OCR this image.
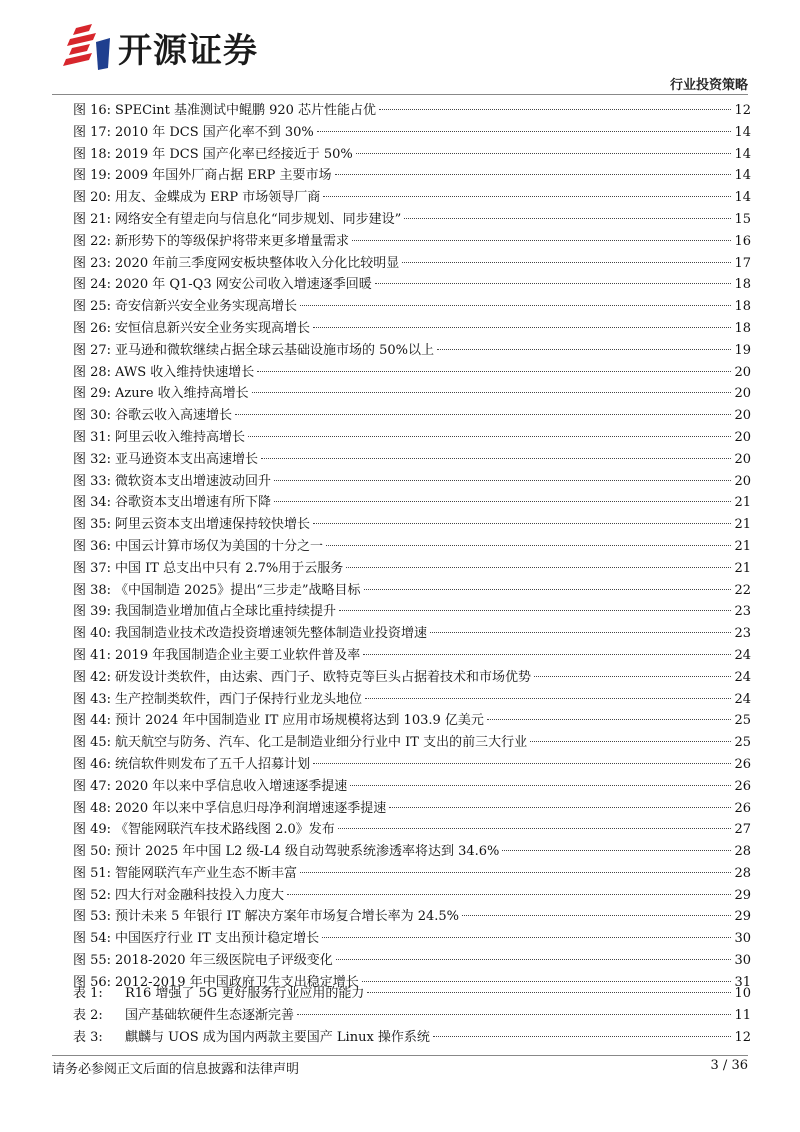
开源证券
行业投资策略
图 16: SPECint 基准测试中鲲鹏 920 芯片性能占优	12
图 17: 2010 年 DCS 国产化率不到 30%	14
图 18: 2019 年 DCS 国产化率已经接近于 50%	14
图 19: 2009 年国外厂商占据 ERP 主要市场	14
图 20: 用友、金蝶成为 ERP 市场领导厂商	14
图 21: 网络安全有望走向与信息化“同步规划、同步建设”	15
图 22: 新形势下的等级保护将带来更多增量需求	16
图 23: 2020 年前三季度网安板块整体收入分化比较明显	17
图 24: 2020 年 Q1-Q3 网安公司收入增速逐季回暖	18
图 25: 奇安信新兴安全业务实现高增长	18
图 26: 安恒信息新兴安全业务实现高增长	18
图 27: 亚马逊和微软继续占据全球云基础设施市场的 50%以上	19
图 28: AWS 收入维持快速增长	20
图 29: Azure 收入维持高增长	20
图 30: 谷歌云收入高速增长	20
图 31: 阿里云收入维持高增长	20
图 32: 亚马逊资本支出高速增长	20
图 33: 微软资本支出增速波动回升	20
图 34: 谷歌资本支出增速有所下降	21
图 35: 阿里云资本支出增速保持较快增长	21
图 36: 中国云计算市场仅为美国的十分之一	21
图 37: 中国 IT 总支出中只有 2.7%用于云服务	21
图 38: 《中国制造 2025》提出“三步走”战略目标	22
图 39: 我国制造业增加值占全球比重持续提升	23
图 40: 我国制造业技术改造投资增速领先整体制造业投资增速	23
图 41: 2019 年我国制造企业主要工业软件普及率	24
图 42: 研发设计类软件，由达索、西门子、欧特克等巨头占据着技术和市场优势	24
图 43: 生产控制类软件，西门子保持行业龙头地位	24
图 44: 预计 2024 年中国制造业 IT 应用市场规模将达到 103.9 亿美元	25
图 45: 航天航空与防务、汽车、化工是制造业细分行业中 IT 支出的前三大行业	25
图 46: 统信软件则发布了五千人招募计划	26
图 47: 2020 年以来中孚信息收入增速逐季提速	26
图 48: 2020 年以来中孚信息归母净利润增速逐季提速	26
图 49: 《智能网联汽车技术路线图 2.0》发布	27
图 50: 预计 2025 年中国 L2 级-L4 级自动驾驶系统渗透率将达到 34.6%	28
图 51: 智能网联汽车产业生态不断丰富	28
图 52: 四大行对金融科技投入力度大	29
图 53: 预计未来 5 年银行 IT 解决方案年市场复合增长率为 24.5%	29
图 54: 中国医疗行业 IT 支出预计稳定增长	30
图 55: 2018-2020 年三级医院电子评级变化	30
图 56: 2012-2019 年中国政府卫生支出稳定增长	31
表 1:	R16 增强了 5G 更好服务行业应用的能力	10
表 2:	国产基础软硬件生态逐渐完善	11
表 3:	麒麟与 UOS 成为国内两款主要国产 Linux 操作系统	12
请务必参阅正文后面的信息披露和法律声明	3 / 36
